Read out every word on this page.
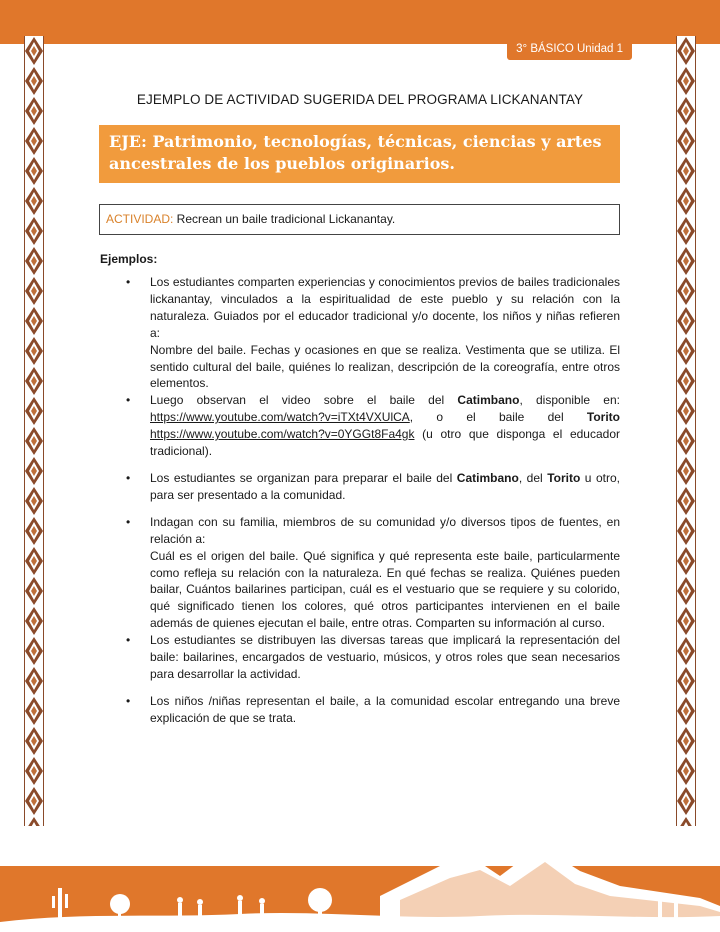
3° BÁSICO Unidad 1
EJEMPLO DE ACTIVIDAD SUGERIDA DEL PROGRAMA LICKANANTAY
EJE: Patrimonio, tecnologías, técnicas, ciencias y artes
ancestrales de los pueblos originarios.
ACTIVIDAD: Recrean un baile tradicional Lickanantay.

Ejemplos:

• Los estudiantes comparten experiencias y conocimientos previos de bailes tradicionales lickanantay, vinculados a la espiritualidad de este pueblo y su relación con la naturaleza. Guiados por el educador tradicional y/o docente, los niños y niñas refieren a:

Nombre del baile. Fechas y ocasiones en que se realiza. Vestimenta que se utiliza. El sentido cultural del baile, quiénes lo realizan, descripción de la coreografía, entre otros elementos.

• Luego observan el video sobre el baile del Catimbano, disponible en: https://www.youtube.com/watch?v=iTXt4VXUlCA, o el baile del Torito https://www.youtube.com/watch?v=0YGGt8Fa4gk (u otro que disponga el educador tradicional).

• Los estudiantes se organizan para preparar el baile del Catimbano, del Torito u otro, para ser presentado a la comunidad.

• Indagan con su familia, miembros de su comunidad y/o diversos tipos de fuentes, en relación a:

Cuál es el origen del baile. Qué significa y qué representa este baile, particularmente como refleja su relación con la naturaleza. En qué fechas se realiza. Quiénes pueden bailar, Cuántos bailarines participan, cuál es el vestuario que se requiere y su colorido, qué significado tienen los colores, qué otros participantes intervienen en el baile además de quienes ejecutan el baile, entre otras. Comparten su información al curso.

• Los estudiantes se distribuyen las diversas tareas que implicará la representación del baile: bailarines, encargados de vestuario, músicos, y otros roles que sean necesarios para desarrollar la actividad.

• Los niños /niñas representan el baile, a la comunidad escolar entregando una breve explicación de que se trata.
